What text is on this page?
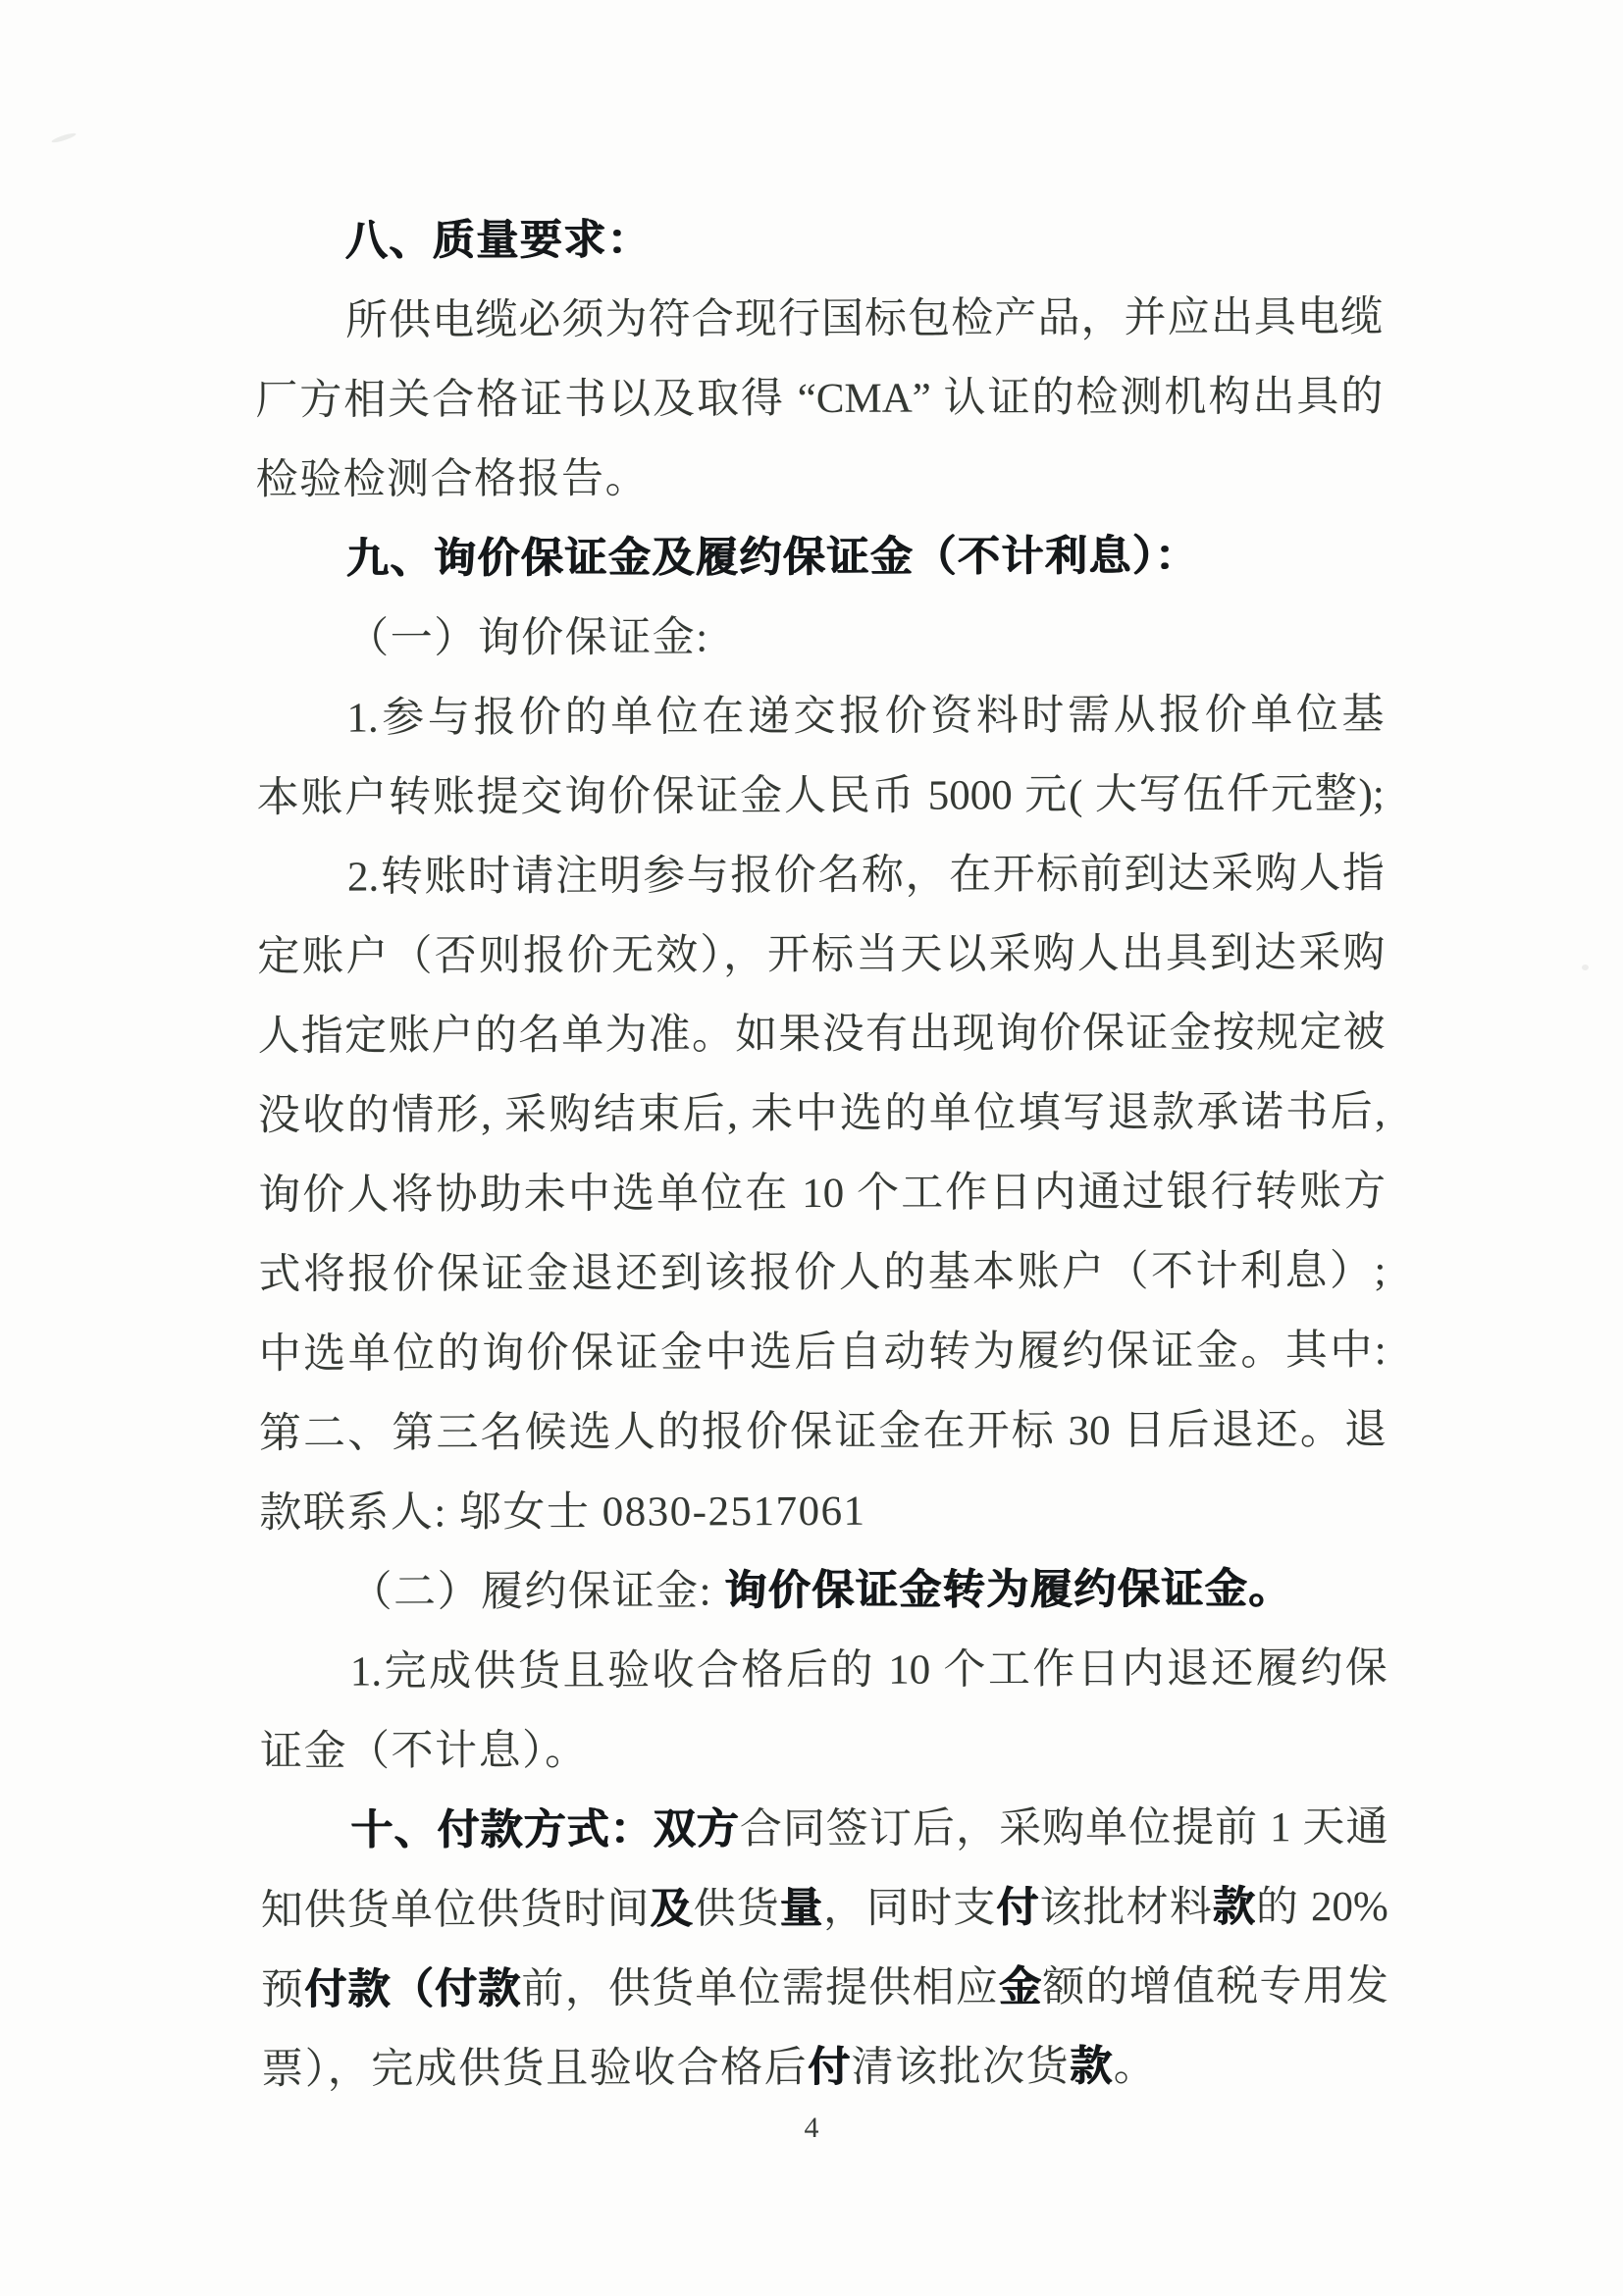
八、质量要求：
所供电缆必须为符合现行国标包检产品，并应出具电缆
厂方相关合格证书以及取得 “CMA” 认证的检测机构出具的
检验检测合格报告。
九、询价保证金及履约保证金（不计利息）：
（一）询价保证金:
1.参与报价的单位在递交报价资料时需从报价单位基
本账户转账提交询价保证金人民币 5000 元( 大写伍仟元整);
2.转账时请注明参与报价名称，在开标前到达采购人指
定账户（否则报价无效），开标当天以采购人出具到达采购
人指定账户的名单为准。如果没有出现询价保证金按规定被
没收的情形, 采购结束后, 未中选的单位填写退款承诺书后,
询价人将协助未中选单位在 10 个工作日内通过银行转账方
式将报价保证金退还到该报价人的基本账户（不计利息）;
中选单位的询价保证金中选后自动转为履约保证金。其中:
第二、第三名候选人的报价保证金在开标 30 日后退还。退
款联系人: 邬女士 0830-2517061
（二）履约保证金: 询价保证金转为履约保证金。
1.完成供货且验收合格后的 10 个工作日内退还履约保
证金（不计息）。
十、付款方式：双方合同签订后，采购单位提前 1 天通
知供货单位供货时间及供货量，同时支付该批材料款的 20%
预付款（付款前，供货单位需提供相应金额的增值税专用发
票），完成供货且验收合格后付清该批次货款。
4
